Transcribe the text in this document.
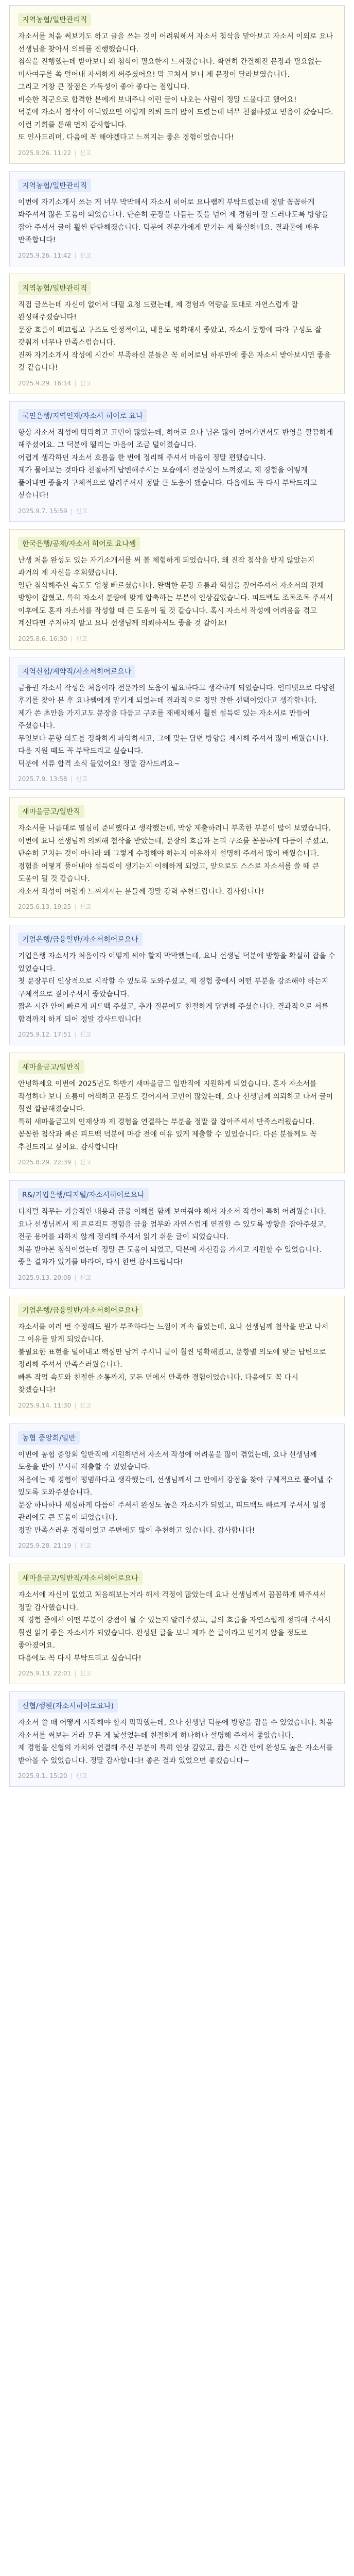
지역농협/일반관리직
자소서를 처음 써보기도 하고 글을 쓰는 것이 어려워해서 자소서 첨삭을 맡아보고 자소서 이외로 요나 선생님을 찾아서 의뢰를 진행했습니다.
첨삭을 진행했는데 받아보니 왜 첨삭이 필요한지 느껴졌습니다. 확연히 간결해진 문장과 필요없는 미사여구를 쏙 덜어내 자세하게 써주셨어요! 막 고쳐서 보니 제 문장이 달라보였습니다.
그리고 거창 큰 장점은 가독성이 좋아 좋다는 점입니다.
비슷한 직군으로 합격한 분에게 보내주니 이런 글이 나오는 사람이 정말 드물다고 했어요!
덕분에 자소서 첨삭이 아니었으면 이렇게 의뢰 드려 많이 드렸는데 너무 친절하셨고 믿음이 갔습니다. 이런 기회를 통해 먼저 감사합니다.
또 인사드리며, 다음에 꼭 해야겠다고 느껴지는 좋은 경험이었습니다!
2025.9.26. 11:22 | 신고
지역농협/일반관리직
이번에 자기소개서 쓰는 게 너무 막막해서 자소서 히어로 요나쌤께 부탁드렸는데 정말 꼼꼼하게 봐주셔서 많은 도움이 되었습니다. 단순히 문장을 다듬는 것을 넘어 제 경험이 잘 드러나도록 방향을 잡아 주셔서 글이 훨씬 탄탄해졌습니다. 덕분에 전문가에게 맡기는 게 확실하네요. 결과물에 매우 만족합니다!
2025.9.26. 11:42 | 신고
지역농협/일반관리직
직접 글쓰는데 자신이 없어서 대필 요청 드렸는데, 제 경험과 역량을 토대로 자연스럽게 잘 완성해주셨습니다!
문장 흐름이 매끄럽고 구조도 안정적이고, 내용도 명확해서 좋았고, 자소서 문항에 따라 구성도 잘 갖춰져 너무나 만족스럽습니다.
진짜 자기소개서 작성에 시간이 부족하신 분들은 꼭 히어로님 하루만에 좋은 자소서 받아보시면 좋을 것 같습니다!
2025.9.29. 16:14 | 신고
국민은행/지역인재/자소서 히어로 요나
항상 자소서 작성에 막막하고 고민이 많았는데, 히어로 요나 님은 많이 얻어가면서도 반영을 깔끔하게 해주셨어요. 그 덕분에 떨리는 마음이 조금 덜어졌습니다.
어렵게 생각하던 자소서 흐름을 한 번에 정리해 주셔서 마음이 정말 편했습니다.
제가 물어보는 것마다 친절하게 답변해주시는 모습에서 전문성이 느껴졌고, 제 경험을 어떻게 풀어내면 좋을지 구체적으로 알려주셔서 정말 큰 도움이 됐습니다. 다음에도 꼭 다시 부탁드리고 싶습니다!
2025.9.7. 15:59 | 신고
한국은행/공채/자소서 히어로 요나쌤
난생 처음 완성도 있는 자기소개서를 써 볼 체험하게 되었습니다. 왜 진작 첨삭을 받지 않았는지 과거의 제 자신을 후회했습니다.
일단 첨삭해주신 속도도 엄청 빠르셨습니다. 완벽한 문장 흐름과 핵심을 짚어주셔서 자소서의 전체 방향이 잡혔고, 특히 자소서 분량에 맞게 압축하는 부분이 인상깊었습니다. 피드백도 조목조목 주셔서 이후에도 혼자 자소서를 작성할 때 큰 도움이 될 것 같습니다. 혹시 자소서 작성에 어려움을 겪고 계신다면 주저하지 말고 요나 선생님께 의뢰하셔도 좋을 것 같아요!
2025.8.6. 16:30 | 신고
지역신협/계약직/자소서히어로요나
금융권 자소서 작성은 처음이라 전문가의 도움이 필요하다고 생각하게 되었습니다. 인터넷으로 다양한 후기를 찾아 본 후 요나쌤에게 맡기게 되었는데 결과적으로 정말 잘한 선택이었다고 생각합니다.
제가 쓴 초안을 가지고도 문장을 다듬고 구조를 재배치해서 훨씬 설득력 있는 자소서로 만들어 주셨습니다.
무엇보다 문항 의도를 정확하게 파악하시고, 그에 맞는 답변 방향을 제시해 주셔서 많이 배웠습니다. 다음 지원 때도 꼭 부탁드리고 싶습니다.
덕분에 서류 합격 소식 들었어요! 정말 감사드려요~
2025.7.9. 13:58 | 신고
새마을금고/일반직
자소서를 나름대로 열심히 준비했다고 생각했는데, 막상 제출하려니 부족한 부분이 많이 보였습니다. 이번에 요나 선생님께 의뢰해 첨삭을 받았는데, 문장의 흐름과 논리 구조를 꼼꼼하게 다듬어 주셨고, 단순히 고치는 것이 아니라 왜 그렇게 수정해야 하는지 이유까지 설명해 주셔서 많이 배웠습니다.
경험을 어떻게 풀어내야 설득력이 생기는지 이해하게 되었고, 앞으로도 스스로 자소서를 쓸 때 큰 도움이 될 것 같습니다.
자소서 작성이 어렵게 느껴지시는 분들께 정말 강력 추천드립니다. 감사합니다!
2025.6.13. 19:25 | 신고
기업은행/금융일반/자소서히어로요나
기업은행 자소서가 처음이라 어떻게 써야 할지 막막했는데, 요나 선생님 덕분에 방향을 확실히 잡을 수 있었습니다.
첫 문장부터 인상적으로 시작할 수 있도록 도와주셨고, 제 경험 중에서 어떤 부분을 강조해야 하는지 구체적으로 짚어주셔서 좋았습니다.
짧은 시간 안에 빠르게 피드백 주셨고, 추가 질문에도 친절하게 답변해 주셨습니다. 결과적으로 서류 합격까지 하게 되어 정말 감사드립니다!
2025.9.12. 17:51 | 신고
새마을금고/일반직
안녕하세요 이번에 2025년도 하반기 새마을금고 일반직에 지원하게 되었습니다. 혼자 자소서를 작성하다 보니 흐름이 어색하고 문장도 길어져서 고민이 많았는데, 요나 선생님께 의뢰하고 나서 글이 훨씬 깔끔해졌습니다.
특히 새마을금고의 인재상과 제 경험을 연결하는 부분을 정말 잘 잡아주셔서 만족스러웠습니다.
꼼꼼한 첨삭과 빠른 피드백 덕분에 마감 전에 여유 있게 제출할 수 있었습니다. 다른 분들께도 꼭 추천드리고 싶어요. 감사합니다!
2025.8.29. 22:39 | 신고
R&/기업은행/디지털/자소서히어로요나
디지털 직무는 기술적인 내용과 금융 이해를 함께 보여줘야 해서 자소서 작성이 특히 어려웠습니다.
요나 선생님께서 제 프로젝트 경험을 금융 업무와 자연스럽게 연결할 수 있도록 방향을 잡아주셨고, 전문 용어를 과하지 않게 정리해 주셔서 읽기 쉬운 글이 되었습니다.
처음 받아본 첨삭이었는데 정말 큰 도움이 되었고, 덕분에 자신감을 가지고 지원할 수 있었습니다. 좋은 결과가 있기를 바라며, 다시 한번 감사드립니다!
2025.9.13. 20:08 | 신고
기업은행/금융일반/자소서히어로요나
자소서를 여러 번 수정해도 뭔가 부족하다는 느낌이 계속 들었는데, 요나 선생님께 첨삭을 받고 나서 그 이유를 알게 되었습니다.
불필요한 표현을 덜어내고 핵심만 남겨 주시니 글이 훨씬 명확해졌고, 문항별 의도에 맞는 답변으로 정리해 주셔서 만족스러웠습니다.
빠른 작업 속도와 친절한 소통까지, 모든 면에서 만족한 경험이었습니다. 다음에도 꼭 다시 찾겠습니다!
2025.9.14. 11:30 | 신고
농협 중앙회/일반
이번에 농협 중앙회 일반직에 지원하면서 자소서 작성에 어려움을 많이 겪었는데, 요나 선생님께 도움을 받아 무사히 제출할 수 있었습니다.
처음에는 제 경험이 평범하다고 생각했는데, 선생님께서 그 안에서 강점을 찾아 구체적으로 풀어낼 수 있도록 도와주셨습니다.
문장 하나하나 세심하게 다듬어 주셔서 완성도 높은 자소서가 되었고, 피드백도 빠르게 주셔서 일정 관리에도 큰 도움이 되었습니다.
정말 만족스러운 경험이었고 주변에도 많이 추천하고 있습니다. 감사합니다!
2025.9.28. 21:19 | 신고
새마을금고/일반직/자소서히어로요나
자소서에 자신이 없었고 처음해보는거라 해서 걱정이 많았는데 요나 선생님께서 꼼꼼하게 봐주셔서 정말 감사했습니다.
제 경험 중에서 어떤 부분이 강점이 될 수 있는지 알려주셨고, 글의 흐름을 자연스럽게 정리해 주셔서 훨씬 읽기 좋은 자소서가 되었습니다. 완성된 글을 보니 제가 쓴 글이라고 믿기지 않을 정도로 좋아졌어요.
다음에도 꼭 다시 부탁드리고 싶습니다!
2025.9.13. 22:01 | 신고
신협/행원(자소서히어로요나)
자소서 쓸 때 어떻게 시작해야 할지 막막했는데, 요나 선생님 덕분에 방향을 잡을 수 있었습니다. 처음 자소서를 써보는 거라 모든 게 낯설었는데 친절하게 하나하나 설명해 주셔서 좋았습니다.
제 경험을 신협의 가치와 연결해 주신 부분이 특히 인상 깊었고, 짧은 시간 안에 완성도 높은 자소서를 받아볼 수 있었습니다. 정말 감사합니다! 좋은 결과 있었으면 좋겠습니다~
2025.9.1. 15:20 | 신고
